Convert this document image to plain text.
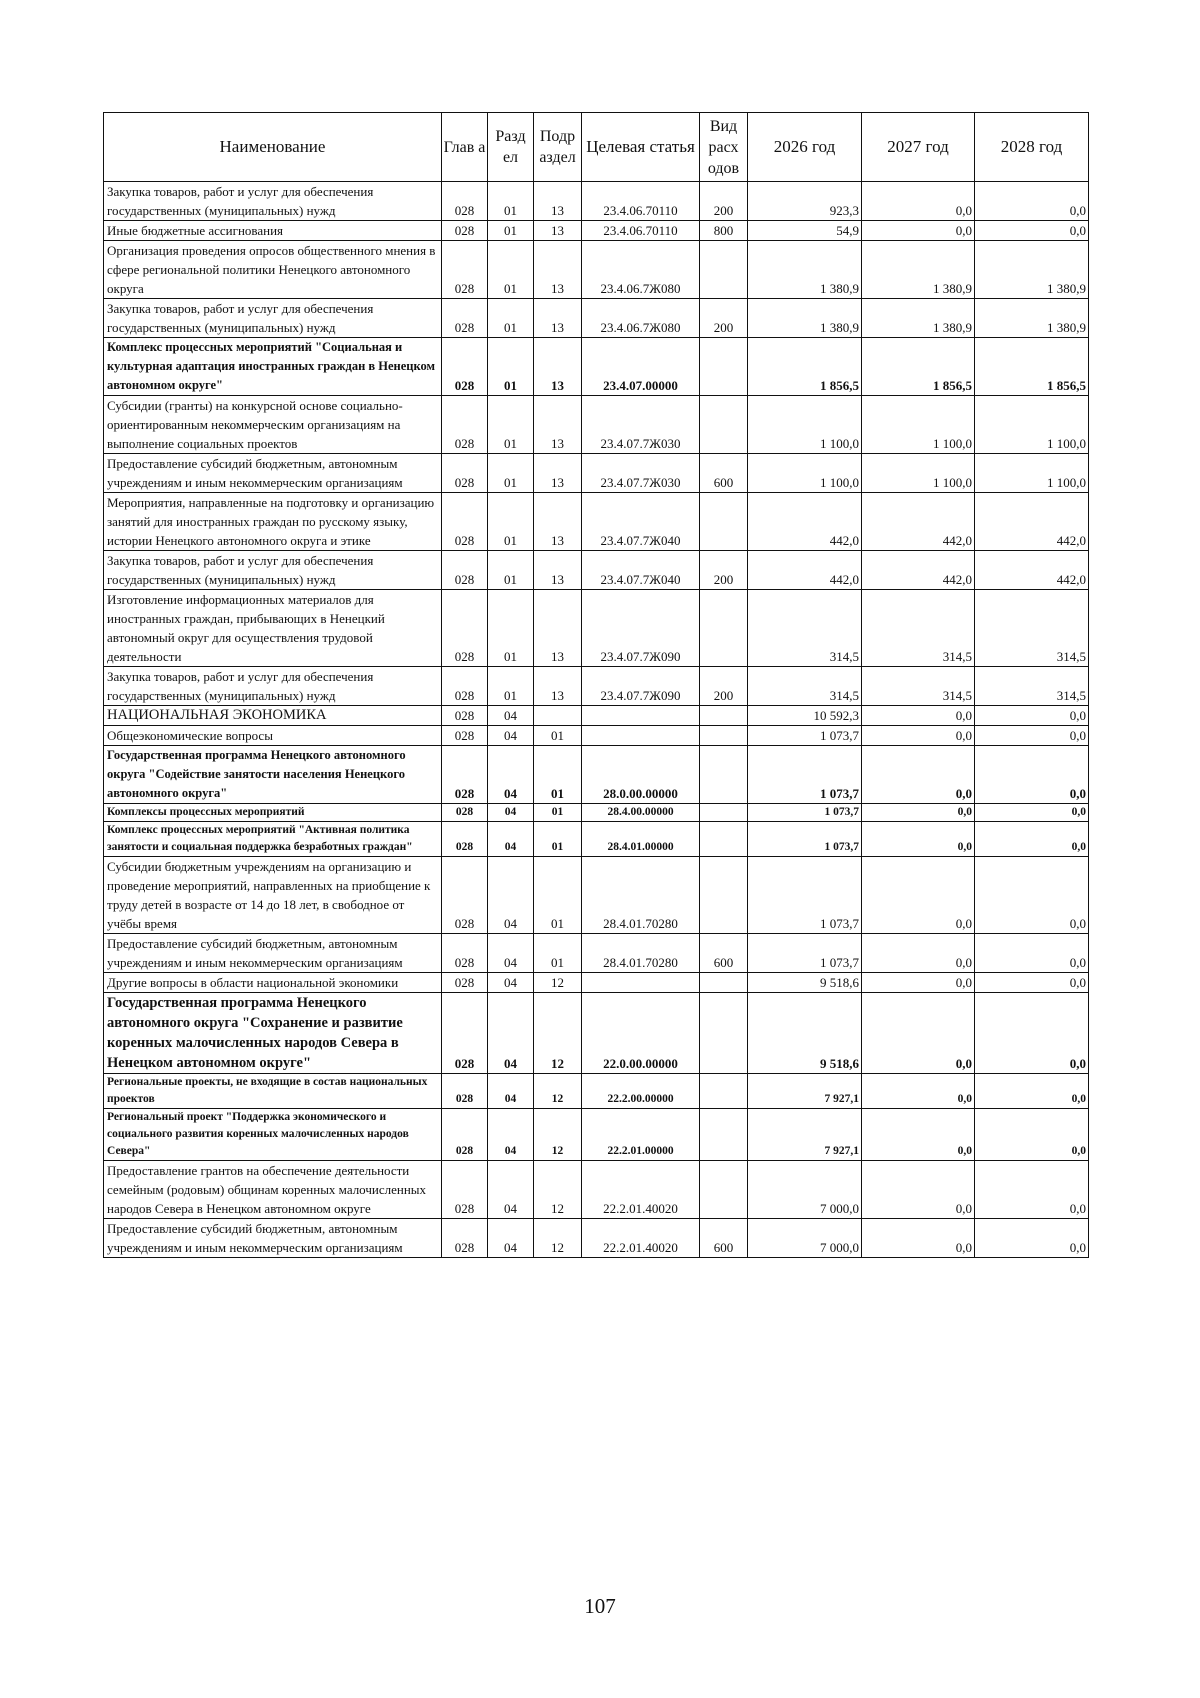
Наименование	Глав а	Разд ел	Подр аздел	Целевая статья	Вид расх одов	2026 год	2027 год	2028 год
Закупка товаров, работ и услуг для обеспечения государственных (муниципальных) нужд	028	01	13	23.4.06.70110	200	923,3	0,0	0,0
Иные бюджетные ассигнования	028	01	13	23.4.06.70110	800	54,9	0,0	0,0
Организация проведения опросов общественного мнения в сфере региональной политики Ненецкого автономного округа	028	01	13	23.4.06.7Ж080		1 380,9	1 380,9	1 380,9
Закупка товаров, работ и услуг для обеспечения государственных (муниципальных) нужд	028	01	13	23.4.06.7Ж080	200	1 380,9	1 380,9	1 380,9
Комплекс процессных мероприятий "Социальная и культурная адаптация иностранных граждан в Ненецком автономном округе"	028	01	13	23.4.07.00000		1 856,5	1 856,5	1 856,5
Субсидии (гранты) на конкурсной основе социально-ориентированным некоммерческим организациям на выполнение социальных проектов	028	01	13	23.4.07.7Ж030		1 100,0	1 100,0	1 100,0
Предоставление субсидий бюджетным, автономным учреждениям и иным некоммерческим организациям	028	01	13	23.4.07.7Ж030	600	1 100,0	1 100,0	1 100,0
Мероприятия, направленные на подготовку и организацию занятий для иностранных граждан по русскому языку, истории Ненецкого автономного округа и этике	028	01	13	23.4.07.7Ж040		442,0	442,0	442,0
Закупка товаров, работ и услуг для обеспечения государственных (муниципальных) нужд	028	01	13	23.4.07.7Ж040	200	442,0	442,0	442,0
Изготовление информационных материалов для иностранных граждан, прибывающих в Ненецкий автономный округ для осуществления трудовой деятельности	028	01	13	23.4.07.7Ж090		314,5	314,5	314,5
Закупка товаров, работ и услуг для обеспечения государственных (муниципальных) нужд	028	01	13	23.4.07.7Ж090	200	314,5	314,5	314,5
НАЦИОНАЛЬНАЯ ЭКОНОМИКА	028	04				10 592,3	0,0	0,0
Общеэкономические вопросы	028	04	01			1 073,7	0,0	0,0
Государственная программа Ненецкого автономного округа "Содействие занятости населения Ненецкого автономного округа"	028	04	01	28.0.00.00000		1 073,7	0,0	0,0
Комплексы процессных мероприятий	028	04	01	28.4.00.00000		1 073,7	0,0	0,0
Комплекс процессных мероприятий "Активная политика занятости и социальная поддержка безработных граждан"	028	04	01	28.4.01.00000		1 073,7	0,0	0,0
Субсидии бюджетным учреждениям на организацию и проведение мероприятий, направленных на приобщение к труду детей в возрасте от 14 до 18 лет, в свободное от учёбы время	028	04	01	28.4.01.70280		1 073,7	0,0	0,0
Предоставление субсидий бюджетным, автономным учреждениям и иным некоммерческим организациям	028	04	01	28.4.01.70280	600	1 073,7	0,0	0,0
Другие вопросы в области национальной экономики	028	04	12			9 518,6	0,0	0,0
Государственная программа Ненецкого автономного округа "Сохранение и развитие коренных малочисленных народов Севера в Ненецком автономном округе"	028	04	12	22.0.00.00000		9 518,6	0,0	0,0
Региональные проекты, не входящие в состав национальных проектов	028	04	12	22.2.00.00000		7 927,1	0,0	0,0
Региональный проект "Поддержка экономического и социального развития коренных малочисленных народов Севера"	028	04	12	22.2.01.00000		7 927,1	0,0	0,0
Предоставление грантов на обеспечение деятельности семейным (родовым) общинам коренных малочисленных народов Севера в Ненецком автономном округе	028	04	12	22.2.01.40020		7 000,0	0,0	0,0
Предоставление субсидий бюджетным, автономным учреждениям и иным некоммерческим организациям	028	04	12	22.2.01.40020	600	7 000,0	0,0	0,0
107
